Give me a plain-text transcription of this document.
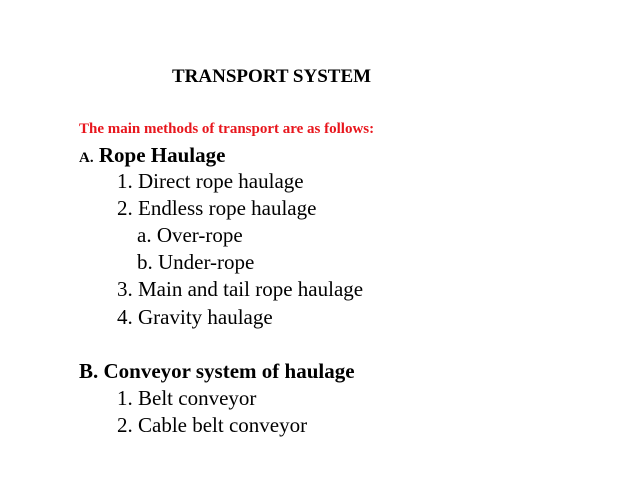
TRANSPORT SYSTEM
The main methods of transport are as follows:
A. Rope Haulage
1. Direct rope haulage
2. Endless rope haulage
a. Over-rope
b. Under-rope
3. Main and tail rope haulage
4. Gravity haulage
B. Conveyor system of haulage
1. Belt conveyor
2. Cable belt conveyor
